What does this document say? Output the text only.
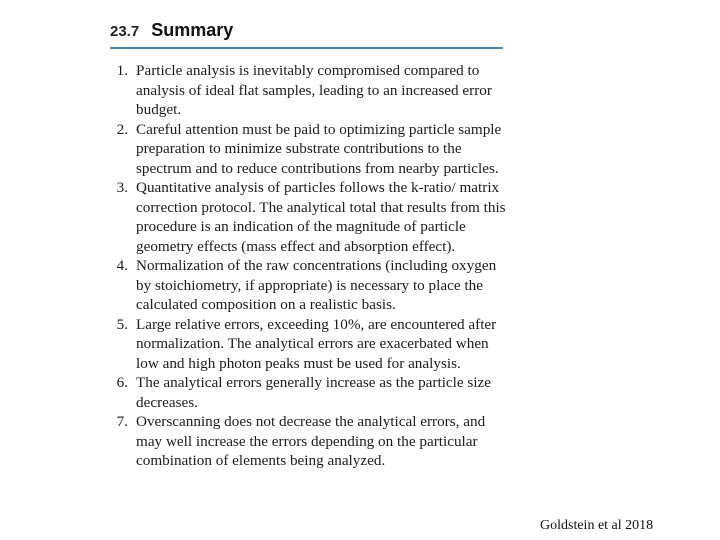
23.7 Summary
1. Particle analysis is inevitably compromised compared to analysis of ideal flat samples, leading to an increased error budget.
2. Careful attention must be paid to optimizing particle sample preparation to minimize substrate contributions to the spectrum and to reduce contributions from nearby particles.
3. Quantitative analysis of particles follows the k-ratio/ matrix correction protocol. The analytical total that results from this procedure is an indication of the magnitude of particle geometry effects (mass effect and absorption effect).
4. Normalization of the raw concentrations (including oxygen by stoichiometry, if appropriate) is necessary to place the calculated composition on a realistic basis.
5. Large relative errors, exceeding 10%, are encountered after normalization. The analytical errors are exacerbated when low and high photon peaks must be used for analysis.
6. The analytical errors generally increase as the particle size decreases.
7. Overscanning does not decrease the analytical errors, and may well increase the errors depending on the particular combination of elements being analyzed.
Goldstein et al 2018
